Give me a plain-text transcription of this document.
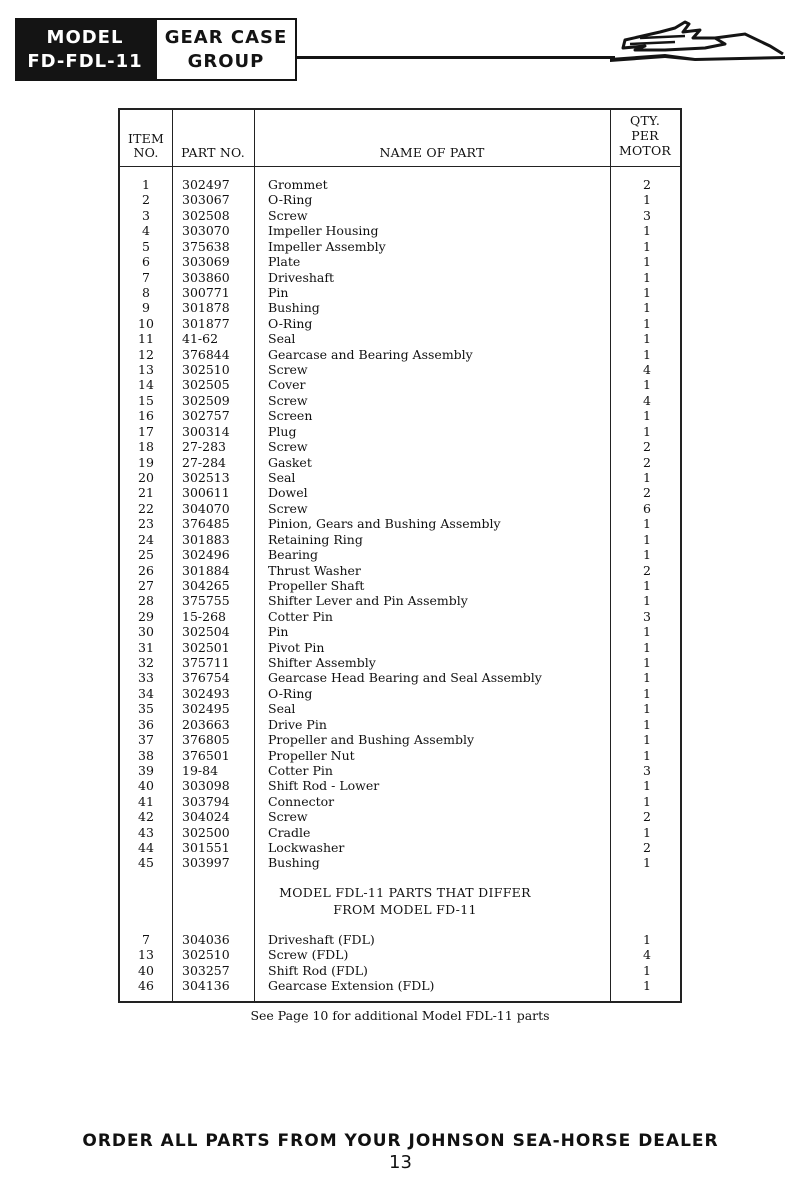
MODEL
FD-FDL-11
GEAR CASE
GROUP
ITEM
NO.	PART NO.	NAME OF PART
QTY.
PER
MOTOR
1	302497	Grommet	2
2	303067	O-Ring	1
3	302508	Screw	3
4	303070	Impeller Housing	1
5	375638	Impeller Assembly	1
6	303069	Plate	1
7	303860	Driveshaft	1
8	300771	Pin	1
9	301878	Bushing	1
10	301877	O-Ring	1
11	41-62	Seal	1
12	376844	Gearcase and Bearing Assembly	1
13	302510	Screw	4
14	302505	Cover	1
15	302509	Screw	4
16	302757	Screen	1
17	300314	Plug	1
18	27-283	Screw	2
19	27-284	Gasket	2
20	302513	Seal	1
21	300611	Dowel	2
22	304070	Screw	6
23	376485	Pinion, Gears and Bushing Assembly	1
24	301883	Retaining Ring	1
25	302496	Bearing	1
26	301884	Thrust Washer	2
27	304265	Propeller Shaft	1
28	375755	Shifter Lever and Pin Assembly	1
29	15-268	Cotter Pin	3
30	302504	Pin	1
31	302501	Pivot Pin	1
32	375711	Shifter Assembly	1
33	376754	Gearcase Head Bearing and Seal Assembly	1
34	302493	O-Ring	1
35	302495	Seal	1
36	203663	Drive Pin	1
37	376805	Propeller and Bushing Assembly	1
38	376501	Propeller Nut	1
39	19-84	Cotter Pin	3
40	303098	Shift Rod - Lower	1
41	303794	Connector	1
42	304024	Screw	2
43	302500	Cradle	1
44	301551	Lockwasher	2
45	303997	Bushing	1
MODEL FDL-11 PARTS THAT DIFFER
FROM MODEL FD-11
7	304036	Driveshaft (FDL)	1
13	302510	Screw (FDL)	4
40	303257	Shift Rod (FDL)	1
46	304136	Gearcase Extension (FDL)	1
See Page 10 for additional Model FDL-11 parts
ORDER ALL PARTS FROM YOUR JOHNSON SEA-HORSE DEALER
13
